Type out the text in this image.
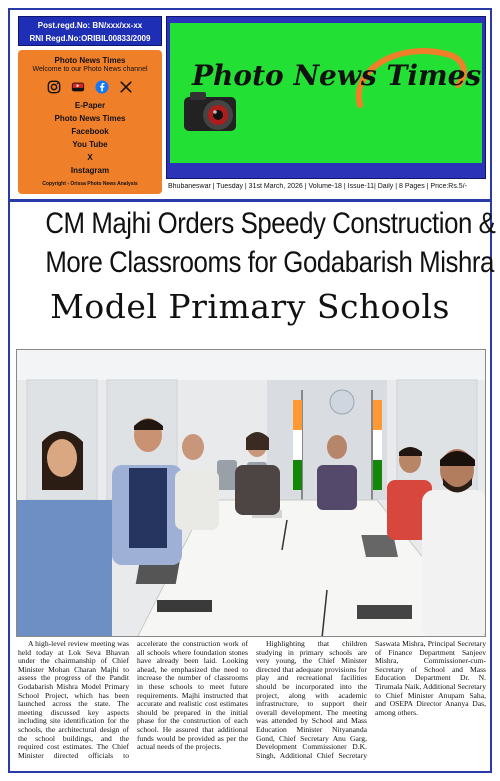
Post.regd.No: BN/xxx/xx-xx
RNI Regd.No:ORIBIL00833/2009
Photo News Times
Welcome to our Photo News channel
E-Paper
Photo News Times
Facebook
You Tube
X
Instagram
Copyright - Orissa Photo News Analysis
Photo News Times
Bhubaneswar | Tuesday | 31st March, 2026 | Volume-18 | Issue-11| Daily | 8 Pages | Price:Rs.5/-
CM Majhi Orders Speedy Construction &
More Classrooms for Godabarish Mishra
Model Primary Schools

A high-level review meeting was held today at Lok Seva Bhavan under the chairmanship of Chief Minister Mohan Charan Majhi to assess the progress of the Pandit Godabarish Mishra Model Primary School Project, which has been launched across the state. The meeting discussed key aspects including site identification for the schools, the architectural design of the school buildings, and the required cost estimates. The Chief Minister directed officials to accelerate the construction work of all schools where foundation stones have already been laid. Looking ahead, he emphasized the need to increase the number of classrooms in these schools to meet future requirements. Majhi instructed that accurate and realistic cost estimates should be prepared in the initial phase for the construction of each school. He assured that additional funds would be provided as per the actual needs of the projects.

Highlighting that children studying in primary schools are very young, the Chief Minister directed that adequate provisions for play and recreational facilities should be incorporated into the project, along with academic infrastructure, to support their overall development. The meeting was attended by School and Mass Education Minister Nityananda Gond, Chief Secretary Anu Garg, Development Commissioner D.K. Singh, Additional Chief Secretary Saswata Mishra, Principal Secretary of Finance Department Sanjeev Mishra, Commissioner-cum-Secretary of School and Mass Education Department Dr. N. Tirumala Naik, Additional Secretary to Chief Minister Anupam Saha, and OSEPA Director Ananya Das, among others.
